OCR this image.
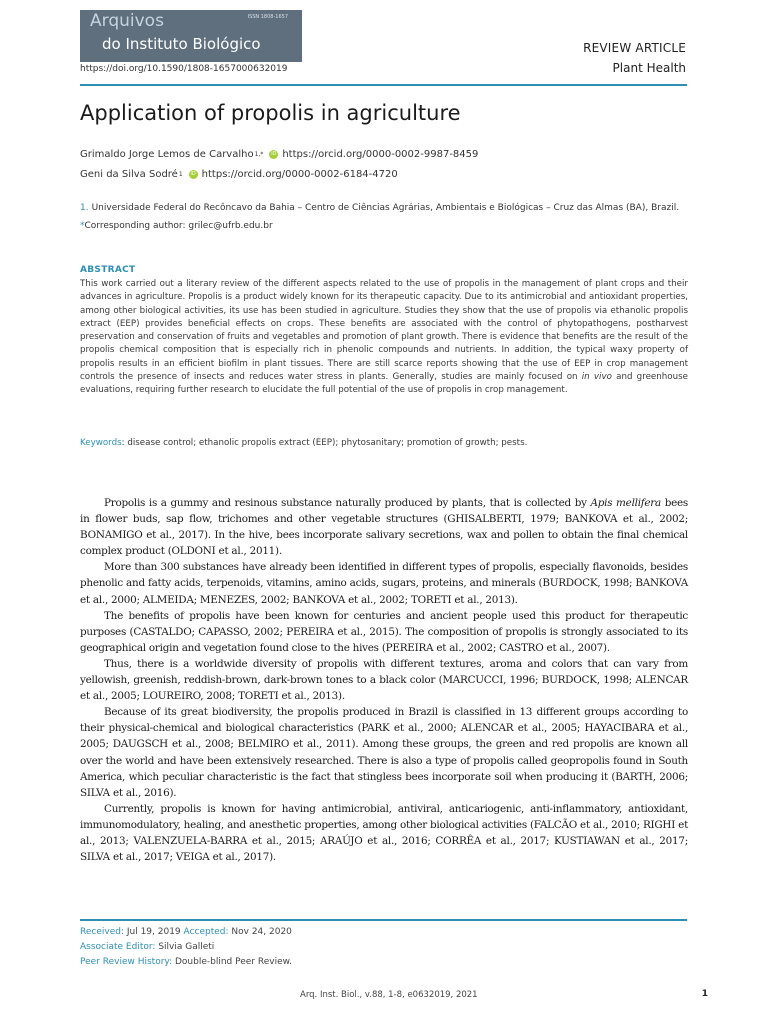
Arquivos
do Instituto Biológico
ISSN 1808-1657
https://doi.org/10.1590/1808-1657000632019
REVIEW ARTICLE
Plant Health
Application of propolis in agriculture
Grimaldo Jorge Lemos de Carvalho 1,*	iD https://orcid.org/0000-0002-9987-8459
Geni da Silva Sodré 1	iD https://orcid.org/0000-0002-6184-4720
1. Universidade Federal do Recôncavo da Bahia – Centro de Ciências Agrárias, Ambientais e Biológicas – Cruz das Almas (BA), Brazil.
*Corresponding author: grilec@ufrb.edu.br
ABSTRACT

This work carried out a literary review of the different aspects related to the use of propolis in the management of plant crops and their advances in agriculture. Propolis is a product widely known for its therapeutic capacity. Due to its antimicrobial and antioxidant properties, among other biological activities, its use has been studied in agriculture. Studies they show that the use of propolis via ethanolic propolis extract (EEP) provides beneficial effects on crops. These benefits are associated with the control of phytopathogens, postharvest preservation and conservation of fruits and vegetables and promotion of plant growth. There is evidence that benefits are the result of the propolis chemical composition that is especially rich in phenolic compounds and nutrients. In addition, the typical waxy property of propolis results in an efficient biofilm in plant tissues. There are still scarce reports showing that the use of EEP in crop management controls the presence of insects and reduces water stress in plants. Generally, studies are mainly focused on in vivo and greenhouse evaluations, requiring further research to elucidate the full potential of the use of propolis in crop management.

Keywords: disease control; ethanolic propolis extract (EEP); phytosanitary; promotion of growth; pests.

Propolis is a gummy and resinous substance naturally produced by plants, that is collected by Apis mellifera bees in flower buds, sap flow, trichomes and other vegetable structures (GHISALBERTI, 1979; BANKOVA et al., 2002; BONAMIGO et al., 2017). In the hive, bees incorporate salivary secretions, wax and pollen to obtain the final chemical complex product (OLDONI et al., 2011).

More than 300 substances have already been identified in different types of propolis, especially flavonoids, besides phenolic and fatty acids, terpenoids, vitamins, amino acids, sugars, proteins, and minerals (BURDOCK, 1998; BANKOVA et al., 2000; ALMEIDA; MENEZES, 2002; BANKOVA et al., 2002; TORETI et al., 2013).

The benefits of propolis have been known for centuries and ancient people used this product for therapeutic purposes (CASTALDO; CAPASSO, 2002; PEREIRA et al., 2015). The composition of propolis is strongly associated to its geographical origin and vegetation found close to the hives (PEREIRA et al., 2002; CASTRO et al., 2007).

Thus, there is a worldwide diversity of propolis with different textures, aroma and colors that can vary from yellowish, greenish, reddish-brown, dark-brown tones to a black color (MARCUCCI, 1996; BURDOCK, 1998; ALENCAR et al., 2005; LOUREIRO, 2008; TORETI et al., 2013).

Because of its great biodiversity, the propolis produced in Brazil is classified in 13 different groups according to their physical-chemical and biological characteristics (PARK et al., 2000; ALENCAR et al., 2005; HAYACIBARA et al., 2005; DAUGSCH et al., 2008; BELMIRO et al., 2011). Among these groups, the green and red propolis are known all over the world and have been extensively researched. There is also a type of propolis called geopropolis found in South America, which peculiar characteristic is the fact that stingless bees incorporate soil when producing it (BARTH, 2006; SILVA et al., 2016).

Currently, propolis is known for having antimicrobial, antiviral, anticariogenic, anti-inflammatory, antioxidant, immunomodulatory, healing, and anesthetic properties, among other biological activities (FALCÃO et al., 2010; RIGHI et al., 2013; VALENZUELA-BARRA et al., 2015; ARAÚJO et al., 2016; CORRÊA et al., 2017; KUSTIAWAN et al., 2017; SILVA et al., 2017; VEIGA et al., 2017).

Received: Jul 19, 2019 Accepted: Nov 24, 2020
Associate Editor: Silvia Galleti
Peer Review History: Double-blind Peer Review.
Arq. Inst. Biol., v.88, 1-8, e0632019, 2021	1
